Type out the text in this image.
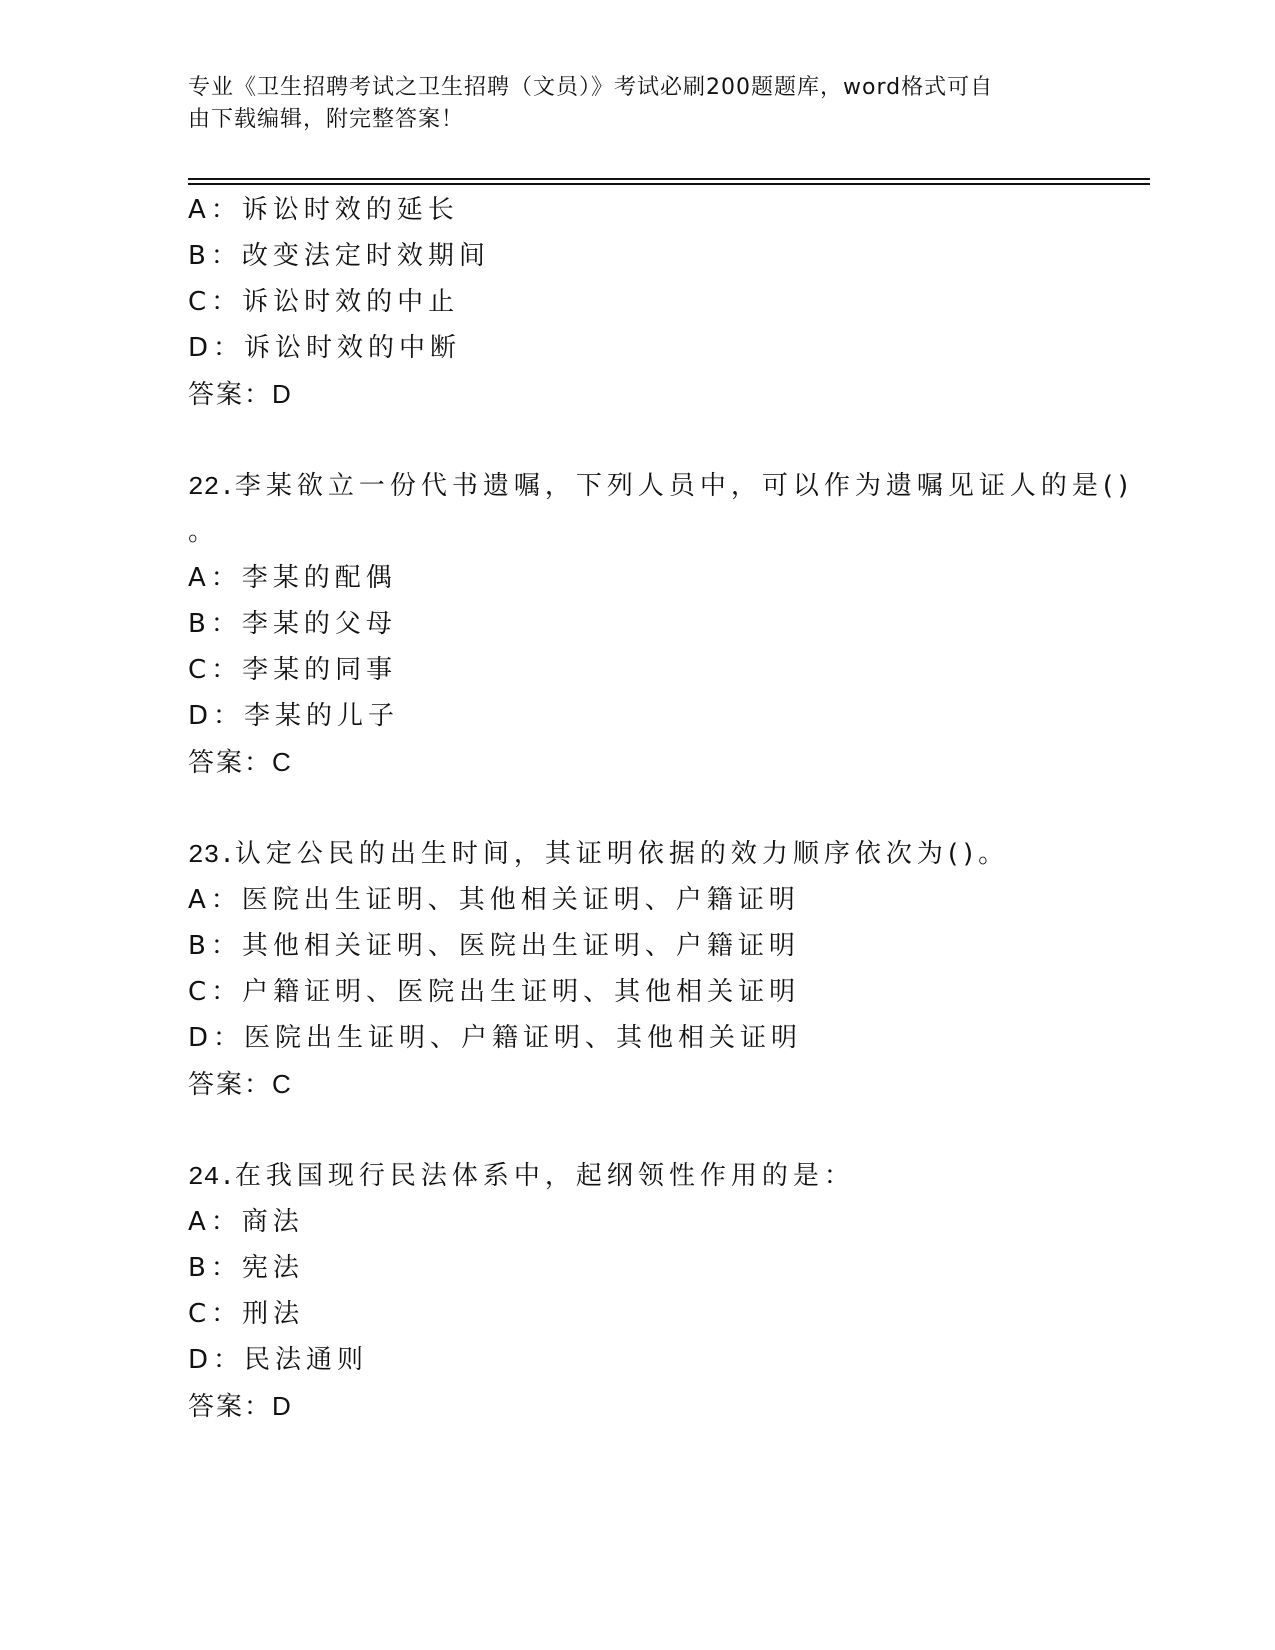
专业《卫生招聘考试之卫生招聘（文员）》考试必刷200题题库，word格式可自
由下载编辑，附完整答案！
A：诉讼时效的延长
B：改变法定时效期间
C：诉讼时效的中止
D：诉讼时效的中断
答案：D
22.李某欲立一份代书遗嘱，下列人员中，可以作为遗嘱见证人的是()
。
A：李某的配偶
B：李某的父母
C：李某的同事
D：李某的儿子
答案：C
23.认定公民的出生时间，其证明依据的效力顺序依次为()。
A：医院出生证明、其他相关证明、户籍证明
B：其他相关证明、医院出生证明、户籍证明
C：户籍证明、医院出生证明、其他相关证明
D：医院出生证明、户籍证明、其他相关证明
答案：C
24.在我国现行民法体系中，起纲领性作用的是：
A：商法
B：宪法
C：刑法
D：民法通则
答案：D
